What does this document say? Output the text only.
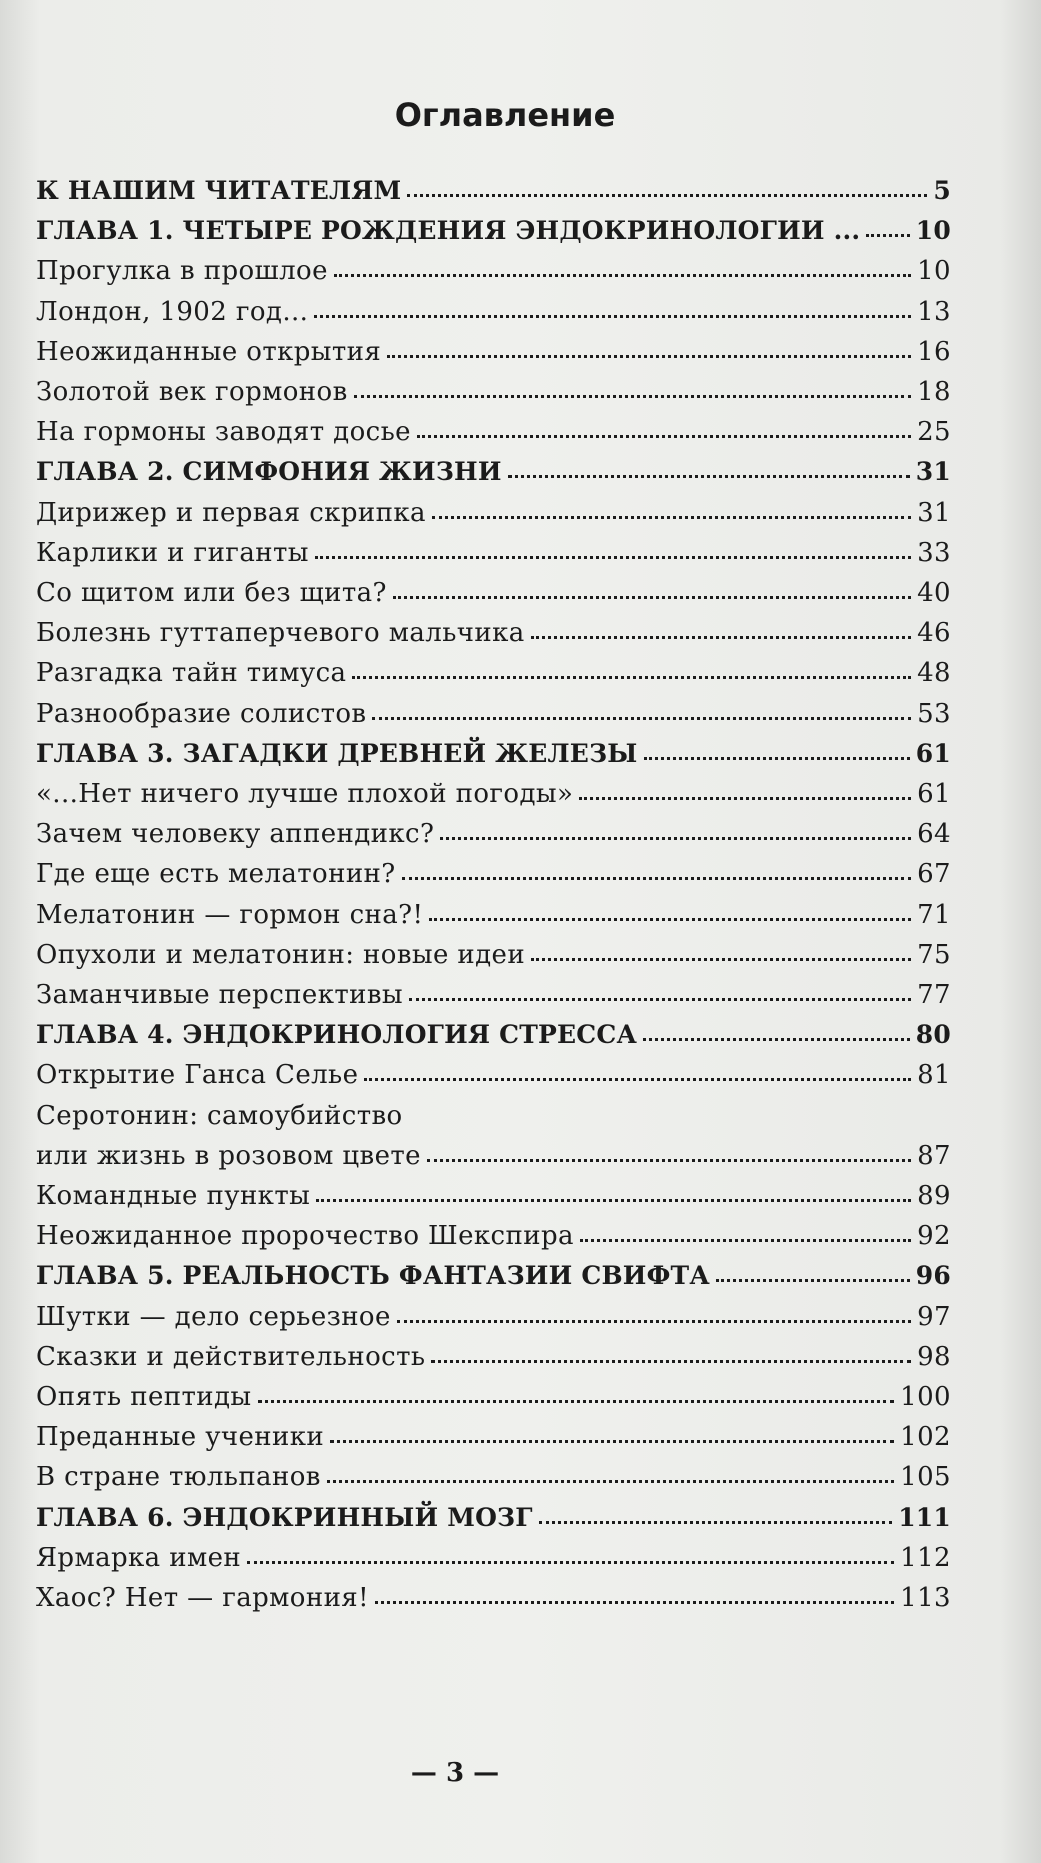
Оглавление
К НАШИМ ЧИТАТЕЛЯМ	5
ГЛАВА 1. ЧЕТЫРЕ РОЖДЕНИЯ ЭНДОКРИНОЛОГИИ ... 10
Прогулка в прошлое	10
Лондон, 1902 год...	13
Неожиданные открытия	16
Золотой век гормонов	18
На гормоны заводят досье	25
ГЛАВА 2. СИМФОНИЯ ЖИЗНИ	31
Дирижер и первая скрипка	31
Карлики и гиганты	33
Со щитом или без щита?	40
Болезнь гуттаперчевого мальчика	46
Разгадка тайн тимуса	48
Разнообразие солистов	53
ГЛАВА 3. ЗАГАДКИ ДРЕВНЕЙ ЖЕЛЕЗЫ	61
«...Нет ничего лучше плохой погоды»	61
Зачем человеку аппендикс?	64
Где еще есть мелатонин?	67
Мелатонин — гормон сна?!	71
Опухоли и мелатонин: новые идеи	75
Заманчивые перспективы	77
ГЛАВА 4. ЭНДОКРИНОЛОГИЯ СТРЕССА	80
Открытие Ганса Селье	81
Серотонин: самоубийство
или жизнь в розовом цвете	87
Командные пункты	89
Неожиданное пророчество Шекспира	92
ГЛАВА 5. РЕАЛЬНОСТЬ ФАНТАЗИИ СВИФТА	96
Шутки — дело серьезное	97
Сказки и действительность	98
Опять пептиды	100
Преданные ученики	102
В стране тюльпанов	105
ГЛАВА 6. ЭНДОКРИННЫЙ МОЗГ	111
Ярмарка имен	112
Хаос? Нет — гармония!	113
— 3 —
